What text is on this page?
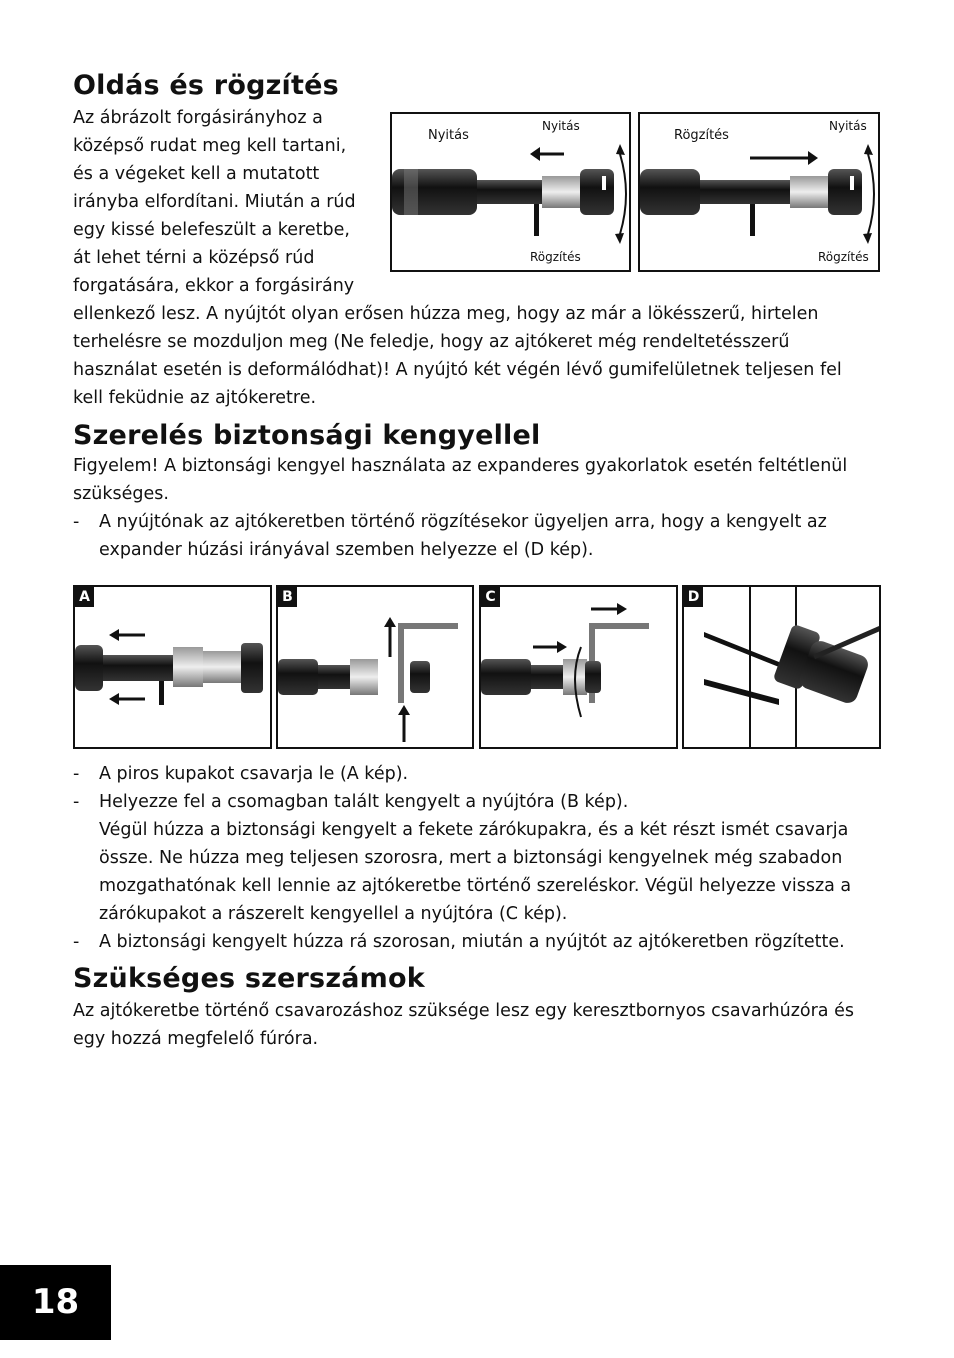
Oldás és rögzítés
Az ábrázolt forgásirányhoz a
középső rudat meg kell tartani,
és a végeket kell a mutatott
irányba elfordítani. Miután a rúd
egy kissé belefeszült a keretbe,
át lehet térni a középső rúd
forgatására, ekkor a forgásirány
ellenkező lesz. A nyújtót olyan erősen húzza meg, hogy az már a lökésszerű, hirtelen
terhelésre se mozduljon meg (Ne feledje, hogy az ajtókeret még rendeltetésszerű
használat esetén is deformálódhat)! A nyújtó két végén lévő gumifelületnek teljesen fel
kell feküdnie az ajtókeretre.
Nyitás
Nyitás
Rögzítés
Rögzítés
Nyitás
Rögzítés
Szerelés biztonsági kengyellel
Figyelem! A biztonsági kengyel használata az expanderes gyakorlatok esetén feltétlenül
szükséges.
- A nyújtónak az ajtókeretben történő rögzítésekor ügyeljen arra, hogy a kengyelt az
expander húzási irányával szemben helyezze el (D kép).
A	B	C	D
- A piros kupakot csavarja le (A kép).
- Helyezze fel a csomagban talált kengyelt a nyújtóra (B kép).
Végül húzza a biztonsági kengyelt a fekete zárókupakra, és a két részt ismét csavarja
össze. Ne húzza meg teljesen szorosra, mert a biztonsági kengyelnek még szabadon
mozgathatónak kell lennie az ajtókeretbe történő szereléskor. Végül helyezze vissza a
zárókupakot a rászerelt kengyellel a nyújtóra (C kép).
- A biztonsági kengyelt húzza rá szorosan, miután a nyújtót az ajtókeretben rögzítette.
Szükséges szerszámok
Az ajtókeretbe történő csavarozáshoz szüksége lesz egy keresztbornyos csavarhúzóra és
egy hozzá megfelelő fúróra.
18
